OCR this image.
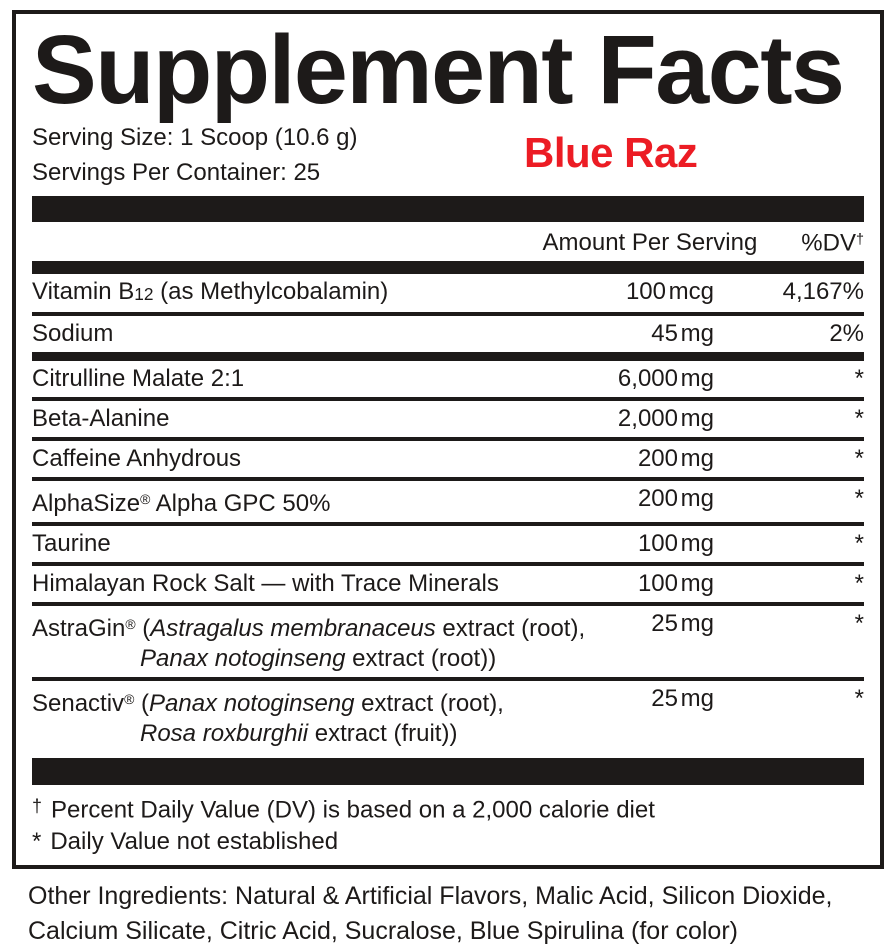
Supplement Facts
Serving Size: 1 Scoop (10.6 g)
Servings Per Container: 25	Blue Raz
Amount Per Serving %DV†
Vitamin B12 (as Methylcobalamin)	100 mcg	4,167%
Sodium	45 mg	2%
Citrulline Malate 2:1	6,000 mg	*
Beta-Alanine	2,000 mg	*
Caffeine Anhydrous	200 mg	*
AlphaSize® Alpha GPC 50%	200 mg	*
Taurine	100 mg	*
Himalayan Rock Salt — with Trace Minerals	100 mg	*
AstraGin® (Astragalus membranaceus extract (root),
Panax notoginseng extract (root))
25 mg	*
Senactiv® (Panax notoginseng extract (root),
Rosa roxburghii extract (fruit))
25 mg	*
† Percent Daily Value (DV) is based on a 2,000 calorie diet
* Daily Value not established

Other Ingredients: Natural & Artificial Flavors, Malic Acid, Silicon Dioxide, Calcium Silicate, Citric Acid, Sucralose, Blue Spirulina (for color)
